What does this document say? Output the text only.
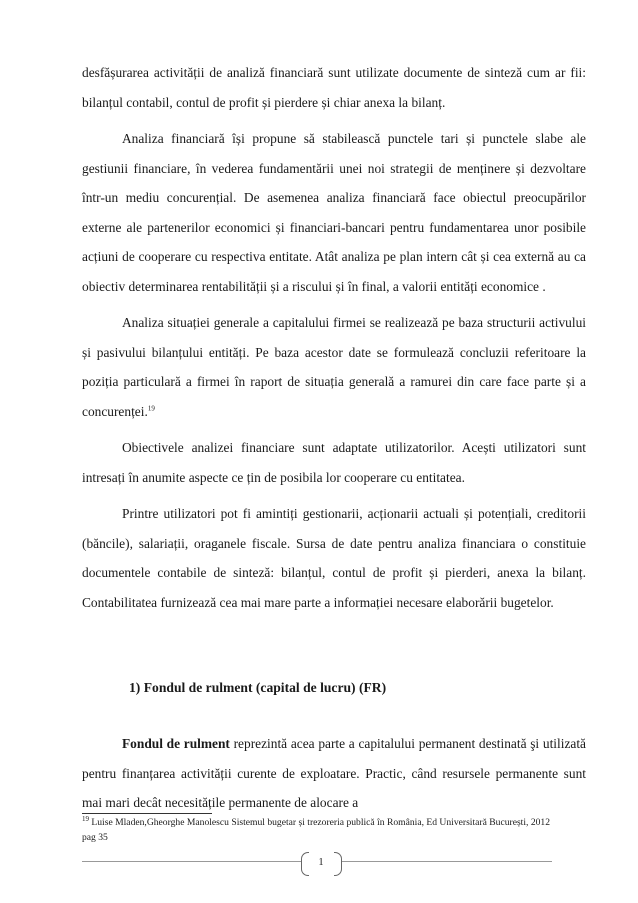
desfășurarea activității de analiză financiară sunt utilizate documente de sinteză cum ar fii: bilanțul contabil, contul de profit și pierdere și chiar anexa la bilanț.

Analiza financiară își propune să stabilească punctele tari și punctele slabe ale gestiunii financiare, în vederea fundamentării unei noi strategii de menținere și dezvoltare într-un mediu concurențial. De asemenea analiza financiară face obiectul preocupărilor externe ale partenerilor economici și financiari-bancari pentru fundamentarea unor posibile acțiuni de cooperare cu respectiva entitate. Atât analiza pe plan intern cât și cea externă au ca obiectiv determinarea rentabilității și a riscului și în final, a valorii entități economice .

Analiza situației generale a capitalului firmei se realizează pe baza structurii activului și pasivului bilanțului entități. Pe baza acestor date se formulează concluzii referitoare la poziția particulară a firmei în raport de situația generală a ramurei din care face parte și a concurenței.$^{19}$

Obiectivele analizei financiare sunt adaptate utilizatorilor. Acești utilizatori sunt intresați în anumite aspecte ce țin de posibila lor cooperare cu entitatea.

Printre utilizatori pot fi amintiți gestionarii, acționarii actuali și potențiali, creditorii (băncile), salariații, oraganele fiscale. Sursa de date pentru analiza financiara o constituie documentele contabile de sinteză: bilanțul, contul de profit și pierderi, anexa la bilanț. Contabilitatea furnizează cea mai mare parte a informației necesare elaborării bugetelor.

1) Fondul de rulment (capital de lucru) (FR)

Fondul de rulment reprezintă acea parte a capitalului permanent destinată şi utilizată pentru finanțarea activității curente de exploatare. Practic, când resursele permanente sunt mai mari decât necesitățile permanente de alocare a

$^{19}$ Luise Mladen,Gheorghe Manolescu Sistemul bugetar și trezoreria publică în România, Ed Universitară București, 2012 pag 35

1
